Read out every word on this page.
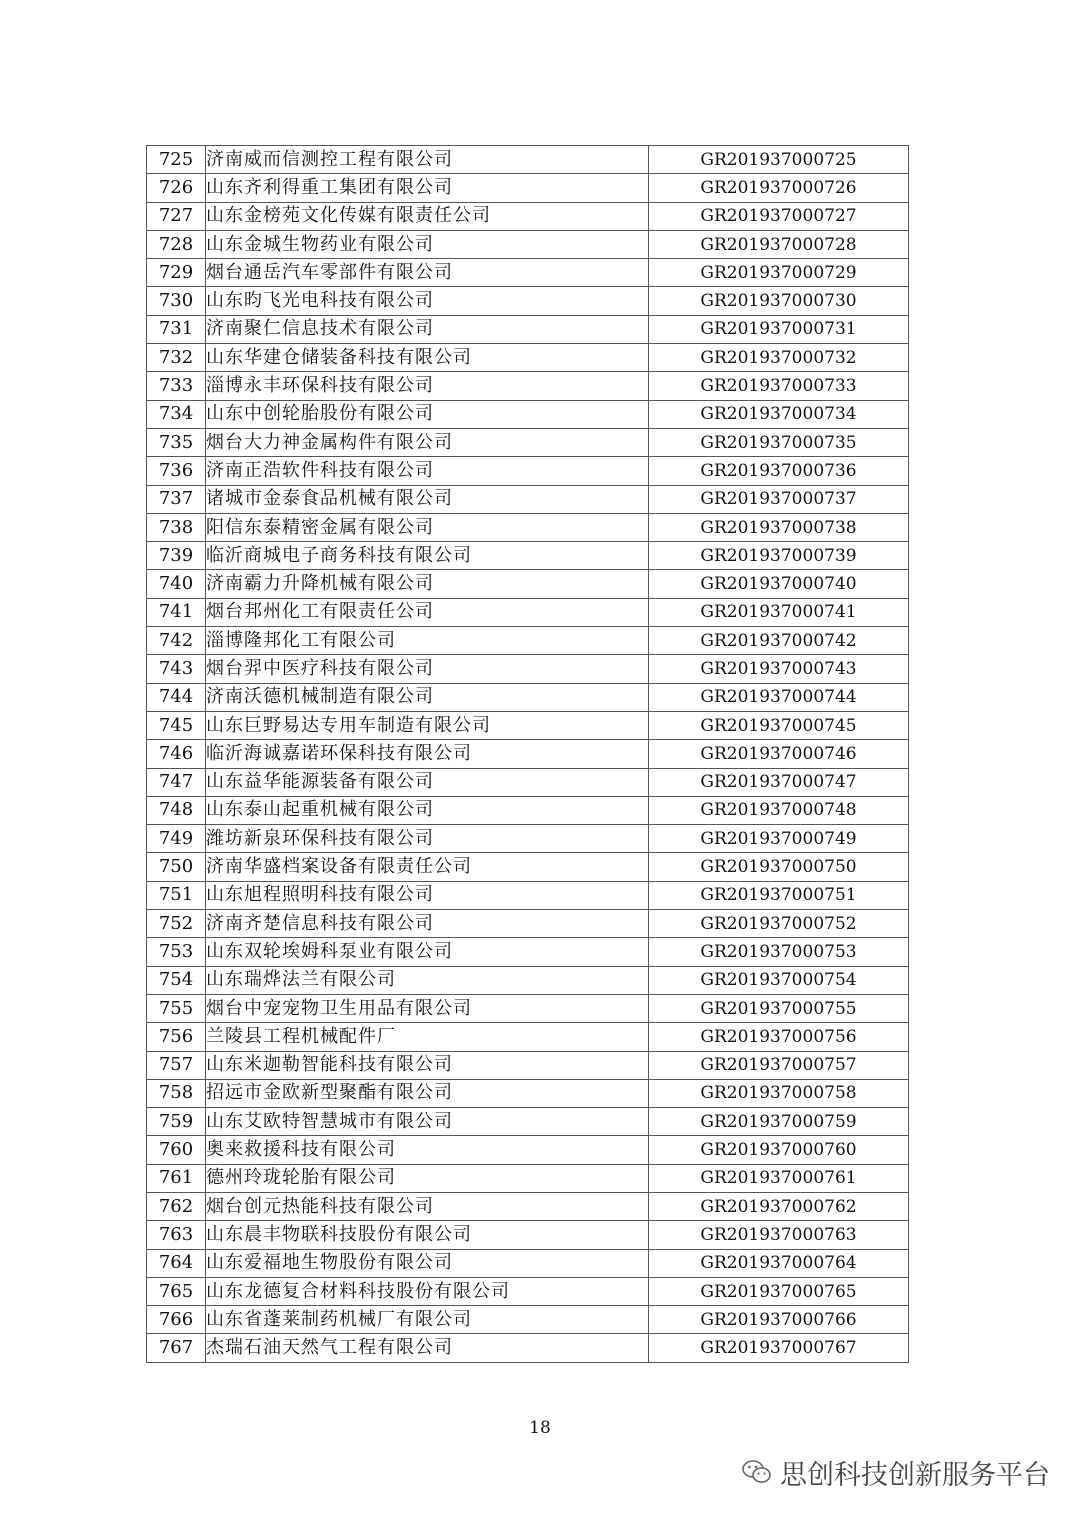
725	济南威而信测控工程有限公司	GR201937000725
726	山东齐利得重工集团有限公司	GR201937000726
727	山东金榜苑文化传媒有限责任公司	GR201937000727
728	山东金城生物药业有限公司	GR201937000728
729	烟台通岳汽车零部件有限公司	GR201937000729
730	山东昀飞光电科技有限公司	GR201937000730
731	济南聚仁信息技术有限公司	GR201937000731
732	山东华建仓储装备科技有限公司	GR201937000732
733	淄博永丰环保科技有限公司	GR201937000733
734	山东中创轮胎股份有限公司	GR201937000734
735	烟台大力神金属构件有限公司	GR201937000735
736	济南正浩软件科技有限公司	GR201937000736
737	诸城市金泰食品机械有限公司	GR201937000737
738	阳信东泰精密金属有限公司	GR201937000738
739	临沂商城电子商务科技有限公司	GR201937000739
740	济南霸力升降机械有限公司	GR201937000740
741	烟台邦州化工有限责任公司	GR201937000741
742	淄博隆邦化工有限公司	GR201937000742
743	烟台羿中医疗科技有限公司	GR201937000743
744	济南沃德机械制造有限公司	GR201937000744
745	山东巨野易达专用车制造有限公司	GR201937000745
746	临沂海诚嘉诺环保科技有限公司	GR201937000746
747	山东益华能源装备有限公司	GR201937000747
748	山东泰山起重机械有限公司	GR201937000748
749	潍坊新泉环保科技有限公司	GR201937000749
750	济南华盛档案设备有限责任公司	GR201937000750
751	山东旭程照明科技有限公司	GR201937000751
752	济南齐楚信息科技有限公司	GR201937000752
753	山东双轮埃姆科泵业有限公司	GR201937000753
754	山东瑞烨法兰有限公司	GR201937000754
755	烟台中宠宠物卫生用品有限公司	GR201937000755
756	兰陵县工程机械配件厂	GR201937000756
757	山东米迦勒智能科技有限公司	GR201937000757
758	招远市金欧新型聚酯有限公司	GR201937000758
759	山东艾欧特智慧城市有限公司	GR201937000759
760	奥来救援科技有限公司	GR201937000760
761	德州玲珑轮胎有限公司	GR201937000761
762	烟台创元热能科技有限公司	GR201937000762
763	山东晨丰物联科技股份有限公司	GR201937000763
764	山东爱福地生物股份有限公司	GR201937000764
765	山东龙德复合材料科技股份有限公司	GR201937000765
766	山东省蓬莱制药机械厂有限公司	GR201937000766
767	杰瑞石油天然气工程有限公司	GR201937000767
18
思创科技创新服务平台
